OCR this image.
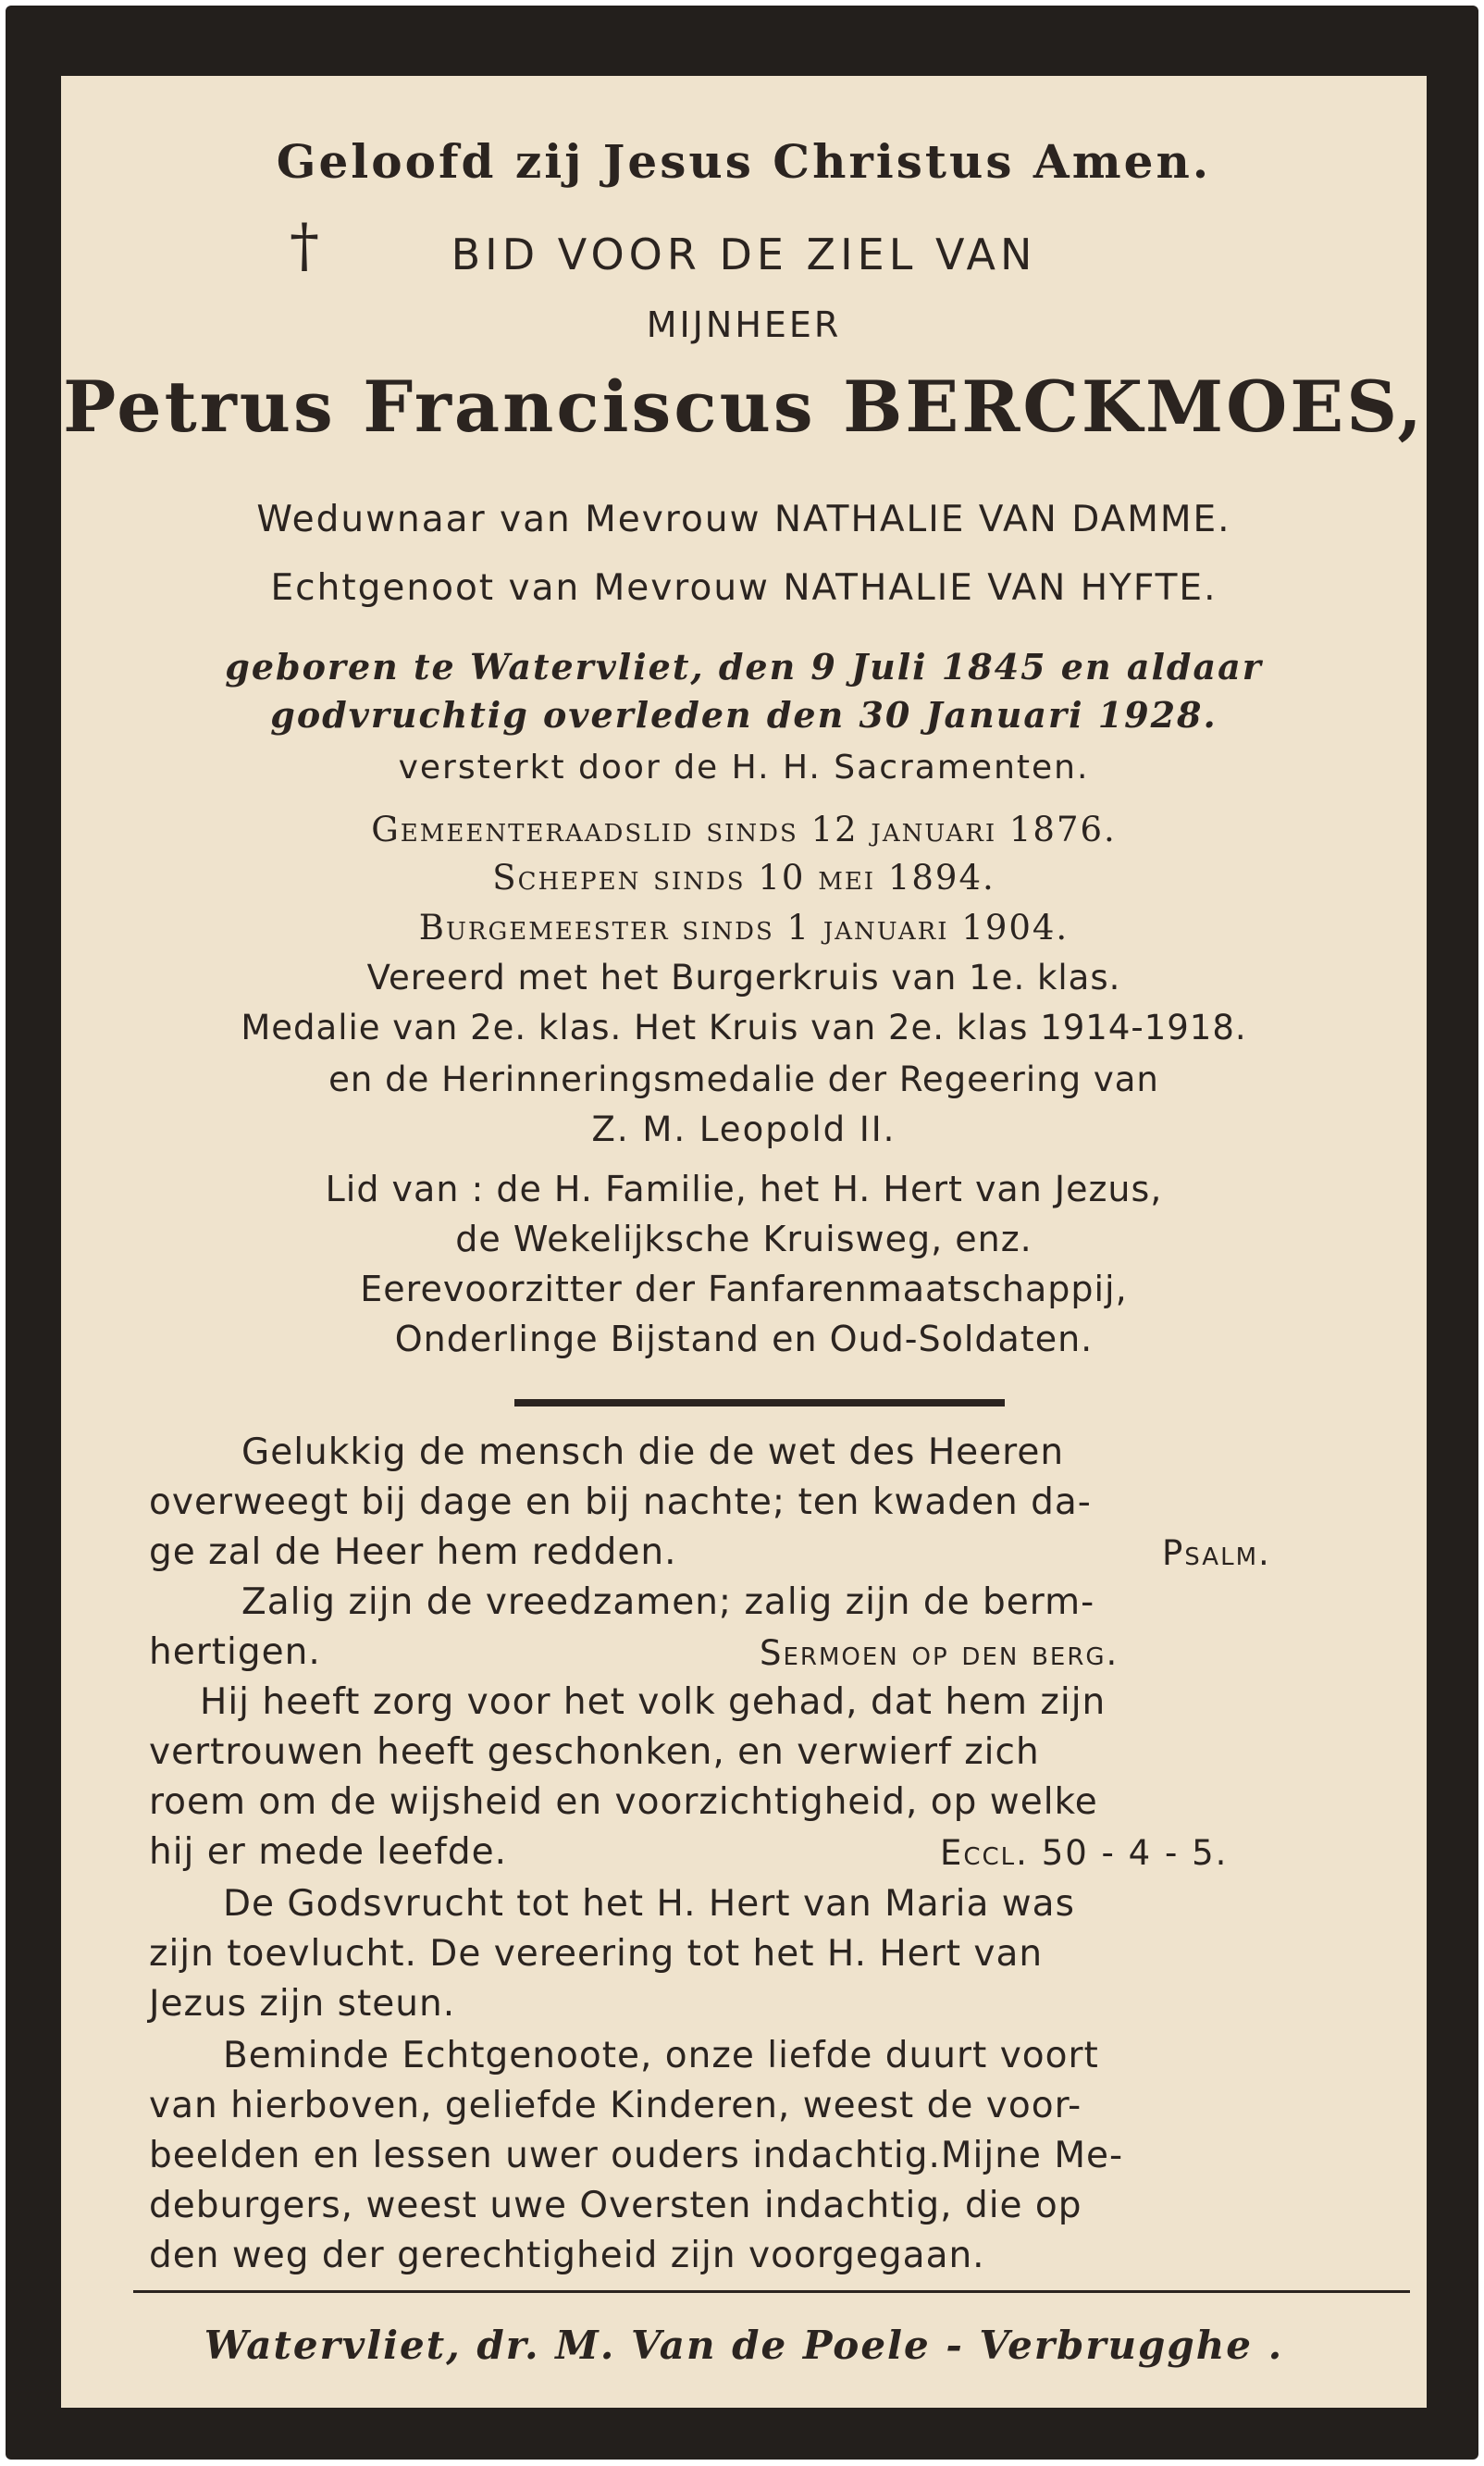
Geloofd zij Jesus Christus Amen.
†	BID VOOR DE ZIEL VAN
MIJNHEER
Petrus Franciscus BERCKMOES,
Weduwnaar van Mevrouw NATHALIE VAN DAMME.
Echtgenoot van Mevrouw NATHALIE VAN HYFTE.
geboren te Watervliet, den 9 Juli 1845 en aldaar
godvruchtig overleden den 30 Januari 1928.
versterkt door de H. H. Sacramenten.
Gemeenteraadslid sinds 12 januari 1876.
Schepen sinds 10 mei 1894.
Burgemeester sinds 1 januari 1904.
Vereerd met het Burgerkruis van 1e. klas.
Medalie van 2e. klas. Het Kruis van 2e. klas 1914-1918.
en de Herinneringsmedalie der Regeering van
Z. M. Leopold II.
Lid van : de H. Familie, het H. Hert van Jezus,
de Wekelijksche Kruisweg, enz.
Eerevoorzitter der Fanfarenmaatschappij,
Onderlinge Bijstand en Oud-Soldaten.
Gelukkig de mensch die de wet des Heeren
overweegt bij dage en bij nachte; ten kwaden da-
ge zal de Heer hem redden.	Psalm.
Zalig zijn de vreedzamen; zalig zijn de berm-
hertigen.	Sermoen op den berg.
Hij heeft zorg voor het volk gehad, dat hem zijn
vertrouwen heeft geschonken, en verwierf zich
roem om de wijsheid en voorzichtigheid, op welke
hij er mede leefde.	Eccl. 50 - 4 - 5.
De Godsvrucht tot het H. Hert van Maria was
zijn toevlucht. De vereering tot het H. Hert van
Jezus zijn steun.
Beminde Echtgenoote, onze liefde duurt voort
van hierboven, geliefde Kinderen, weest de voor-
beelden en lessen uwer ouders indachtig.Mijne Me-
deburgers, weest uwe Oversten indachtig, die op
den weg der gerechtigheid zijn voorgegaan.
Watervliet, dr. M. Van de Poele - Verbrugghe .
